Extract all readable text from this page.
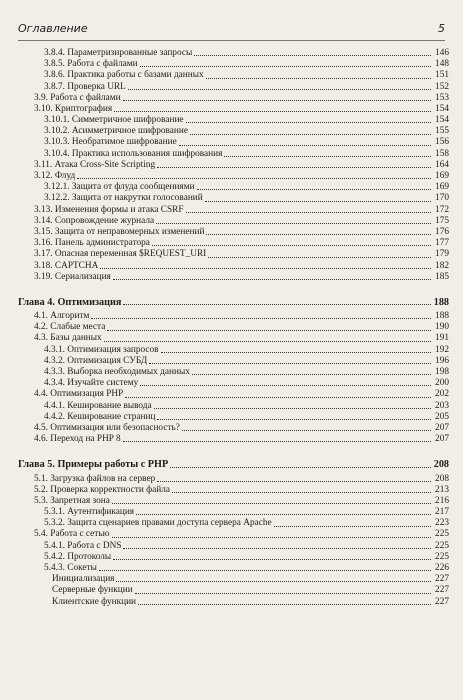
Оглавление	5
3.8.4. Параметризированные запросы	146
3.8.5. Работа с файлами	148
3.8.6. Практика работы с базами данных	151
3.8.7. Проверка URL	152
3.9. Работа с файлами	153
3.10. Криптография	154
3.10.1. Симметричное шифрование	154
3.10.2. Асимметричное шифрование	155
3.10.3. Необратимое шифрование	156
3.10.4. Практика использования шифрования	158
3.11. Атака Cross-Site Scripting	164
3.12. Флуд	169
3.12.1. Защита от флуда сообщениями	169
3.12.2. Защита от накрутки голосований	170
3.13. Изменения формы и атака CSRF	172
3.14. Сопровождение журнала	175
3.15. Защита от неправомерных изменений	176
3.16. Панель администратора	177
3.17. Опасная переменная $REQUEST_URI	179
3.18. CAPTCHA	182
3.19. Сериализация	185
Глава 4. Оптимизация	188
4.1. Алгоритм	188
4.2. Слабые места	190
4.3. Базы данных	191
4.3.1. Оптимизация запросов	192
4.3.2. Оптимизация СУБД	196
4.3.3. Выборка необходимых данных	198
4.3.4. Изучайте систему	200
4.4. Оптимизация PHP	202
4.4.1. Кеширование вывода	203
4.4.2. Кеширование страниц	205
4.5. Оптимизация или безопасность?	207
4.6. Переход на PHP 8	207
Глава 5. Примеры работы с PHP	208
5.1. Загрузка файлов на сервер	208
5.2. Проверка корректности файла	213
5.3. Запретная зона	216
5.3.1. Аутентификация	217
5.3.2. Защита сценариев правами доступа сервера Apache	223
5.4. Работа с сетью	225
5.4.1. Работа с DNS	225
5.4.2. Протоколы	225
5.4.3. Сокеты	226
Инициализация	227
Серверные функции	227
Клиентские функции	227
